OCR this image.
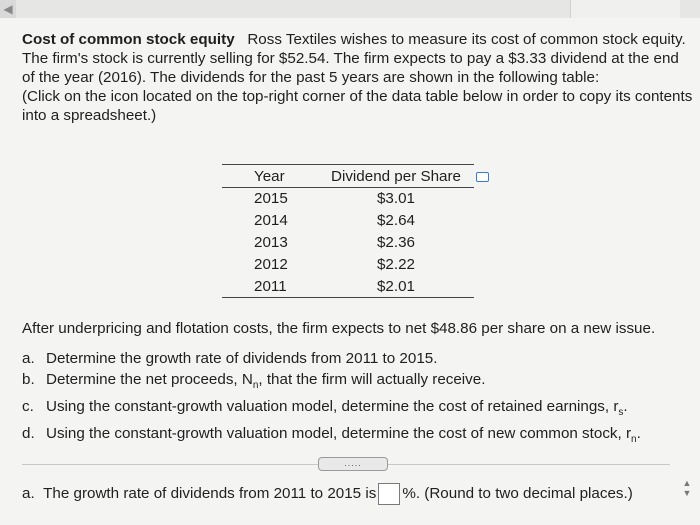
◀

Cost of common stock equity Ross Textiles wishes to measure its cost of common stock equity. The firm's stock is currently selling for $52.54. The firm expects to pay a $3.33 dividend at the end of the year (2016). The dividends for the past 5 years are shown in the following table:

(Click on the icon located on the top-right corner of the data table below in order to copy its contents into a spreadsheet.)

Year	Dividend per Share
2015	$3.01
2014	$2.64
2013	$2.36
2012	$2.22
2011	$2.01

After underpricing and flotation costs, the firm expects to net $48.86 per share on a new issue.

a. Determine the growth rate of dividends from 2011 to 2015.
b. Determine the net proceeds, $N_n$, that the firm will actually receive.
c. Using the constant-growth valuation model, determine the cost of retained earnings, $r_s$.
d. Using the constant-growth valuation model, determine the cost of new common stock, $r_n$.
.....
a. The growth rate of dividends from 2011 to 2015 is %. (Round to two decimal places.)
▲
▼
